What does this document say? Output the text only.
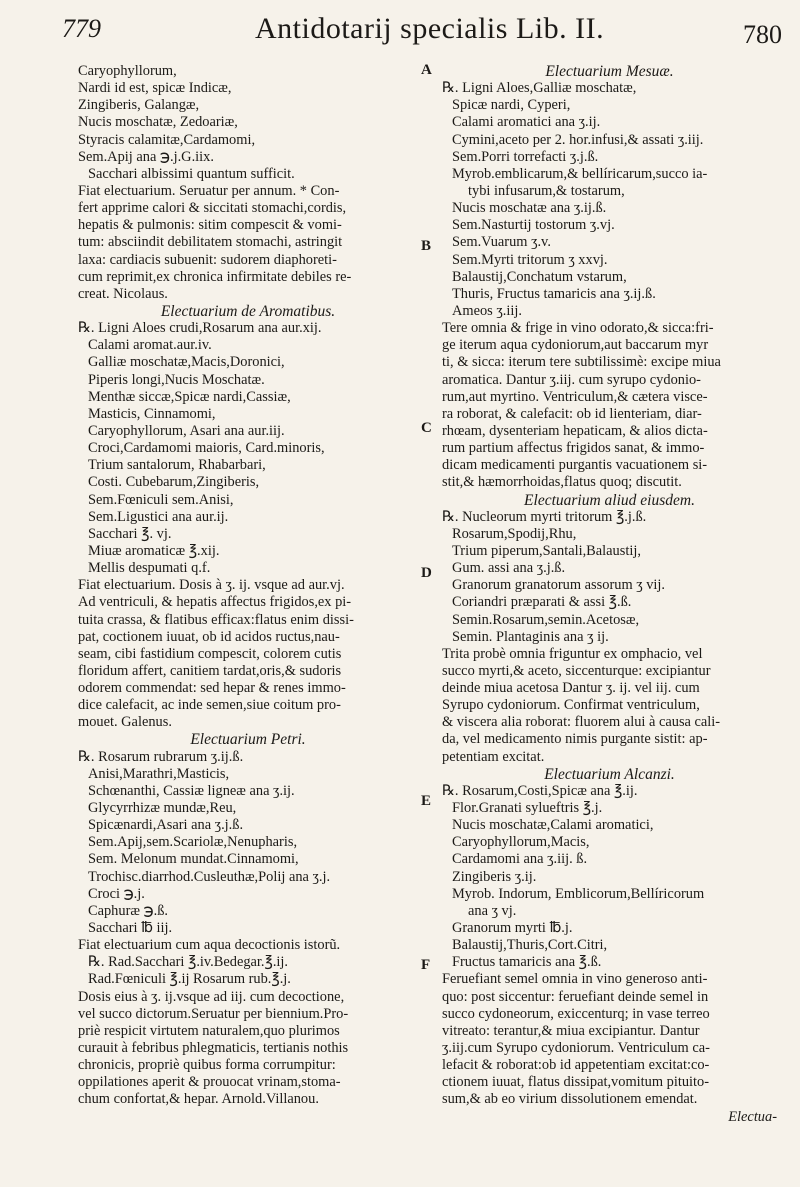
779	Antidotarij specialis Lib. II.	780
A
B
C
D
E
F
Caryophyllorum,
Nardi id est, spicæ Indicæ,
Zingiberis, Galangæ,
Nucis moschatæ, Zedoariæ,
Styracis calamitæ,Cardamomi,
Sem.Apij ana ℈.j.G.iix.
Sacchari albissimi quantum sufficit.
Fiat electuarium. Seruatur per annum. * Con-
fert apprime calori & siccitati stomachi,cordis,
hepatis & pulmonis: sitim compescit & vomi-
tum: absciindit debilitatem stomachi, astringit
laxa: cardiacis subuenit: sudorem diaphoreti-
cum reprimit,ex chronica infirmitate debiles re-
creat. Nicolaus.
Electuarium de Aromatibus.
℞. Ligni Aloes crudi,Rosarum ana aur.xij.
Calami aromat.aur.iv.
Galliæ moschatæ,Macis,Doronici,
Piperis longi,Nucis Moschatæ.
Menthæ siccæ,Spicæ nardi,Cassiæ,
Masticis, Cinnamomi,
Caryophyllorum, Asari ana aur.iij.
Croci,Cardamomi maioris, Card.minoris,
Trium santalorum, Rhabarbari,
Costi. Cubebarum,Zingiberis,
Sem.Fœniculi sem.Anisi,
Sem.Ligustici ana aur.ij.
Sacchari ℥. vj.
Miuæ aromaticæ ℥.xij.
Mellis despumati q.f.
Fiat electuarium. Dosis à ʒ. ij. vsque ad aur.vj.
Ad ventriculi, & hepatis affectus frigidos,ex pi-
tuita crassa, & flatibus efficax:flatus enim dissi-
pat, coctionem iuuat, ob id acidos ructus,nau-
seam, cibi fastidium compescit, colorem cutis
floridum affert, canitiem tardat,oris,& sudoris
odorem commendat: sed hepar & renes immo-
dice calefacit, ac inde semen,siue coitum pro-
mouet. Galenus.
Electuarium Petri.
℞. Rosarum rubrarum ʒ.ij.ß.
Anisi,Marathri,Masticis,
Schœnanthi, Cassiæ ligneæ ana ʒ.ij.
Glycyrrhizæ mundæ,Reu,
Spicænardi,Asari ana ʒ.j.ß.
Sem.Apij,sem.Scariolæ,Nenupharis,
Sem. Melonum mundat.Cinnamomi,
Trochisc.diarrhod.Cusleuthæ,Polij ana ʒ.j.
Croci ℈.j.
Caphuræ ℈.ß.
Sacchari ℔ iij.
Fiat electuarium cum aqua decoctionis istorũ.
℞. Rad.Sacchari ℥.iv.Bedegar.℥.ij.
Rad.Fœniculi ℥.ij Rosarum rub.℥.j.
Dosis eius à ʒ. ij.vsque ad iij. cum decoctione,
vel succo dictorum.Seruatur per biennium.Pro-
priè respicit virtutem naturalem,quo plurimos
curauit à febribus phlegmaticis, tertianis nothis
chronicis, propriè quibus forma corrumpitur:
oppilationes aperit & prouocat vrinam,stoma-
chum confortat,& hepar. Arnold.Villanou.
Electuarium Mesuæ.
℞. Ligni Aloes,Galliæ moschatæ,
Spicæ nardi, Cyperi,
Calami aromatici ana ʒ.ij.
Cymini,aceto per 2. hor.infusi,& assati ʒ.iij.
Sem.Porri torrefacti ʒ.j.ß.
Myrob.emblicarum,& bellíricarum,succo ia-
tybi infusarum,& tostarum,
Nucis moschatæ ana ʒ.ij.ß.
Sem.Nasturtij tostorum ʒ.vj.
Sem.Vuarum ʒ.v.
Sem.Myrti tritorum ʒ xxvj.
Balaustij,Conchatum vstarum,
Thuris, Fructus tamaricis ana ʒ.ij.ß.
Ameos ʒ.iij.
Tere omnia & frige in vino odorato,& sicca:fri-
ge iterum aqua cydoniorum,aut baccarum myr
ti, & sicca: iterum tere subtilissimè: excipe miua
aromatica. Dantur ʒ.iij. cum syrupo cydonio-
rum,aut myrtino. Ventriculum,& cætera visce-
ra roborat, & calefacit: ob id lienteriam, diar-
rhœam, dysenteriam hepaticam, & alios dicta-
rum partium affectus frigidos sanat, & immo-
dicam medicamenti purgantis vacuationem si-
stit,& hæmorrhoidas,flatus quoq; discutit.
Electuarium aliud eiusdem.
℞. Nucleorum myrti tritorum ℥.j.ß.
Rosarum,Spodij,Rhu,
Trium piperum,Santali,Balaustij,
Gum. assi ana ʒ.j.ß.
Granorum granatorum assorum ʒ vij.
Coriandri præparati & assi ℥.ß.
Semin.Rosarum,semin.Acetosæ,
Semin. Plantaginis ana ʒ ij.
Trita probè omnia friguntur ex omphacio, vel
succo myrti,& aceto, siccenturque: excipiantur
deinde miua acetosa Dantur ʒ. ij. vel iij. cum
Syrupo cydoniorum. Confirmat ventriculum,
& viscera alia roborat: fluorem alui à causa cali-
da, vel medicamento nimis purgante sistit: ap-
petentiam excitat.
Electuarium Alcanzi.
℞. Rosarum,Costi,Spicæ ana ℥.ij.
Flor.Granati sylueftris ℥.j.
Nucis moschatæ,Calami aromatici,
Caryophyllorum,Macis,
Cardamomi ana ʒ.iij. ß.
Zingiberis ʒ.ij.
Myrob. Indorum, Emblicorum,Bellíricorum
ana ʒ vj.
Granorum myrti ℔.j.
Balaustij,Thuris,Cort.Citri,
Fructus tamaricis ana ℥.ß.
Feruefiant semel omnia in vino generoso anti-
quo: post siccentur: feruefiant deinde semel in
succo cydoneorum, exiccenturq; in vase terreo
vitreato: terantur,& miua excipiantur. Dantur
ʒ.iij.cum Syrupo cydoniorum. Ventriculum ca-
lefacit & roborat:ob id appetentiam excitat:co-
ctionem iuuat, flatus dissipat,vomitum pituito-
sum,& ab eo virium dissolutionem emendat.
Electua-
